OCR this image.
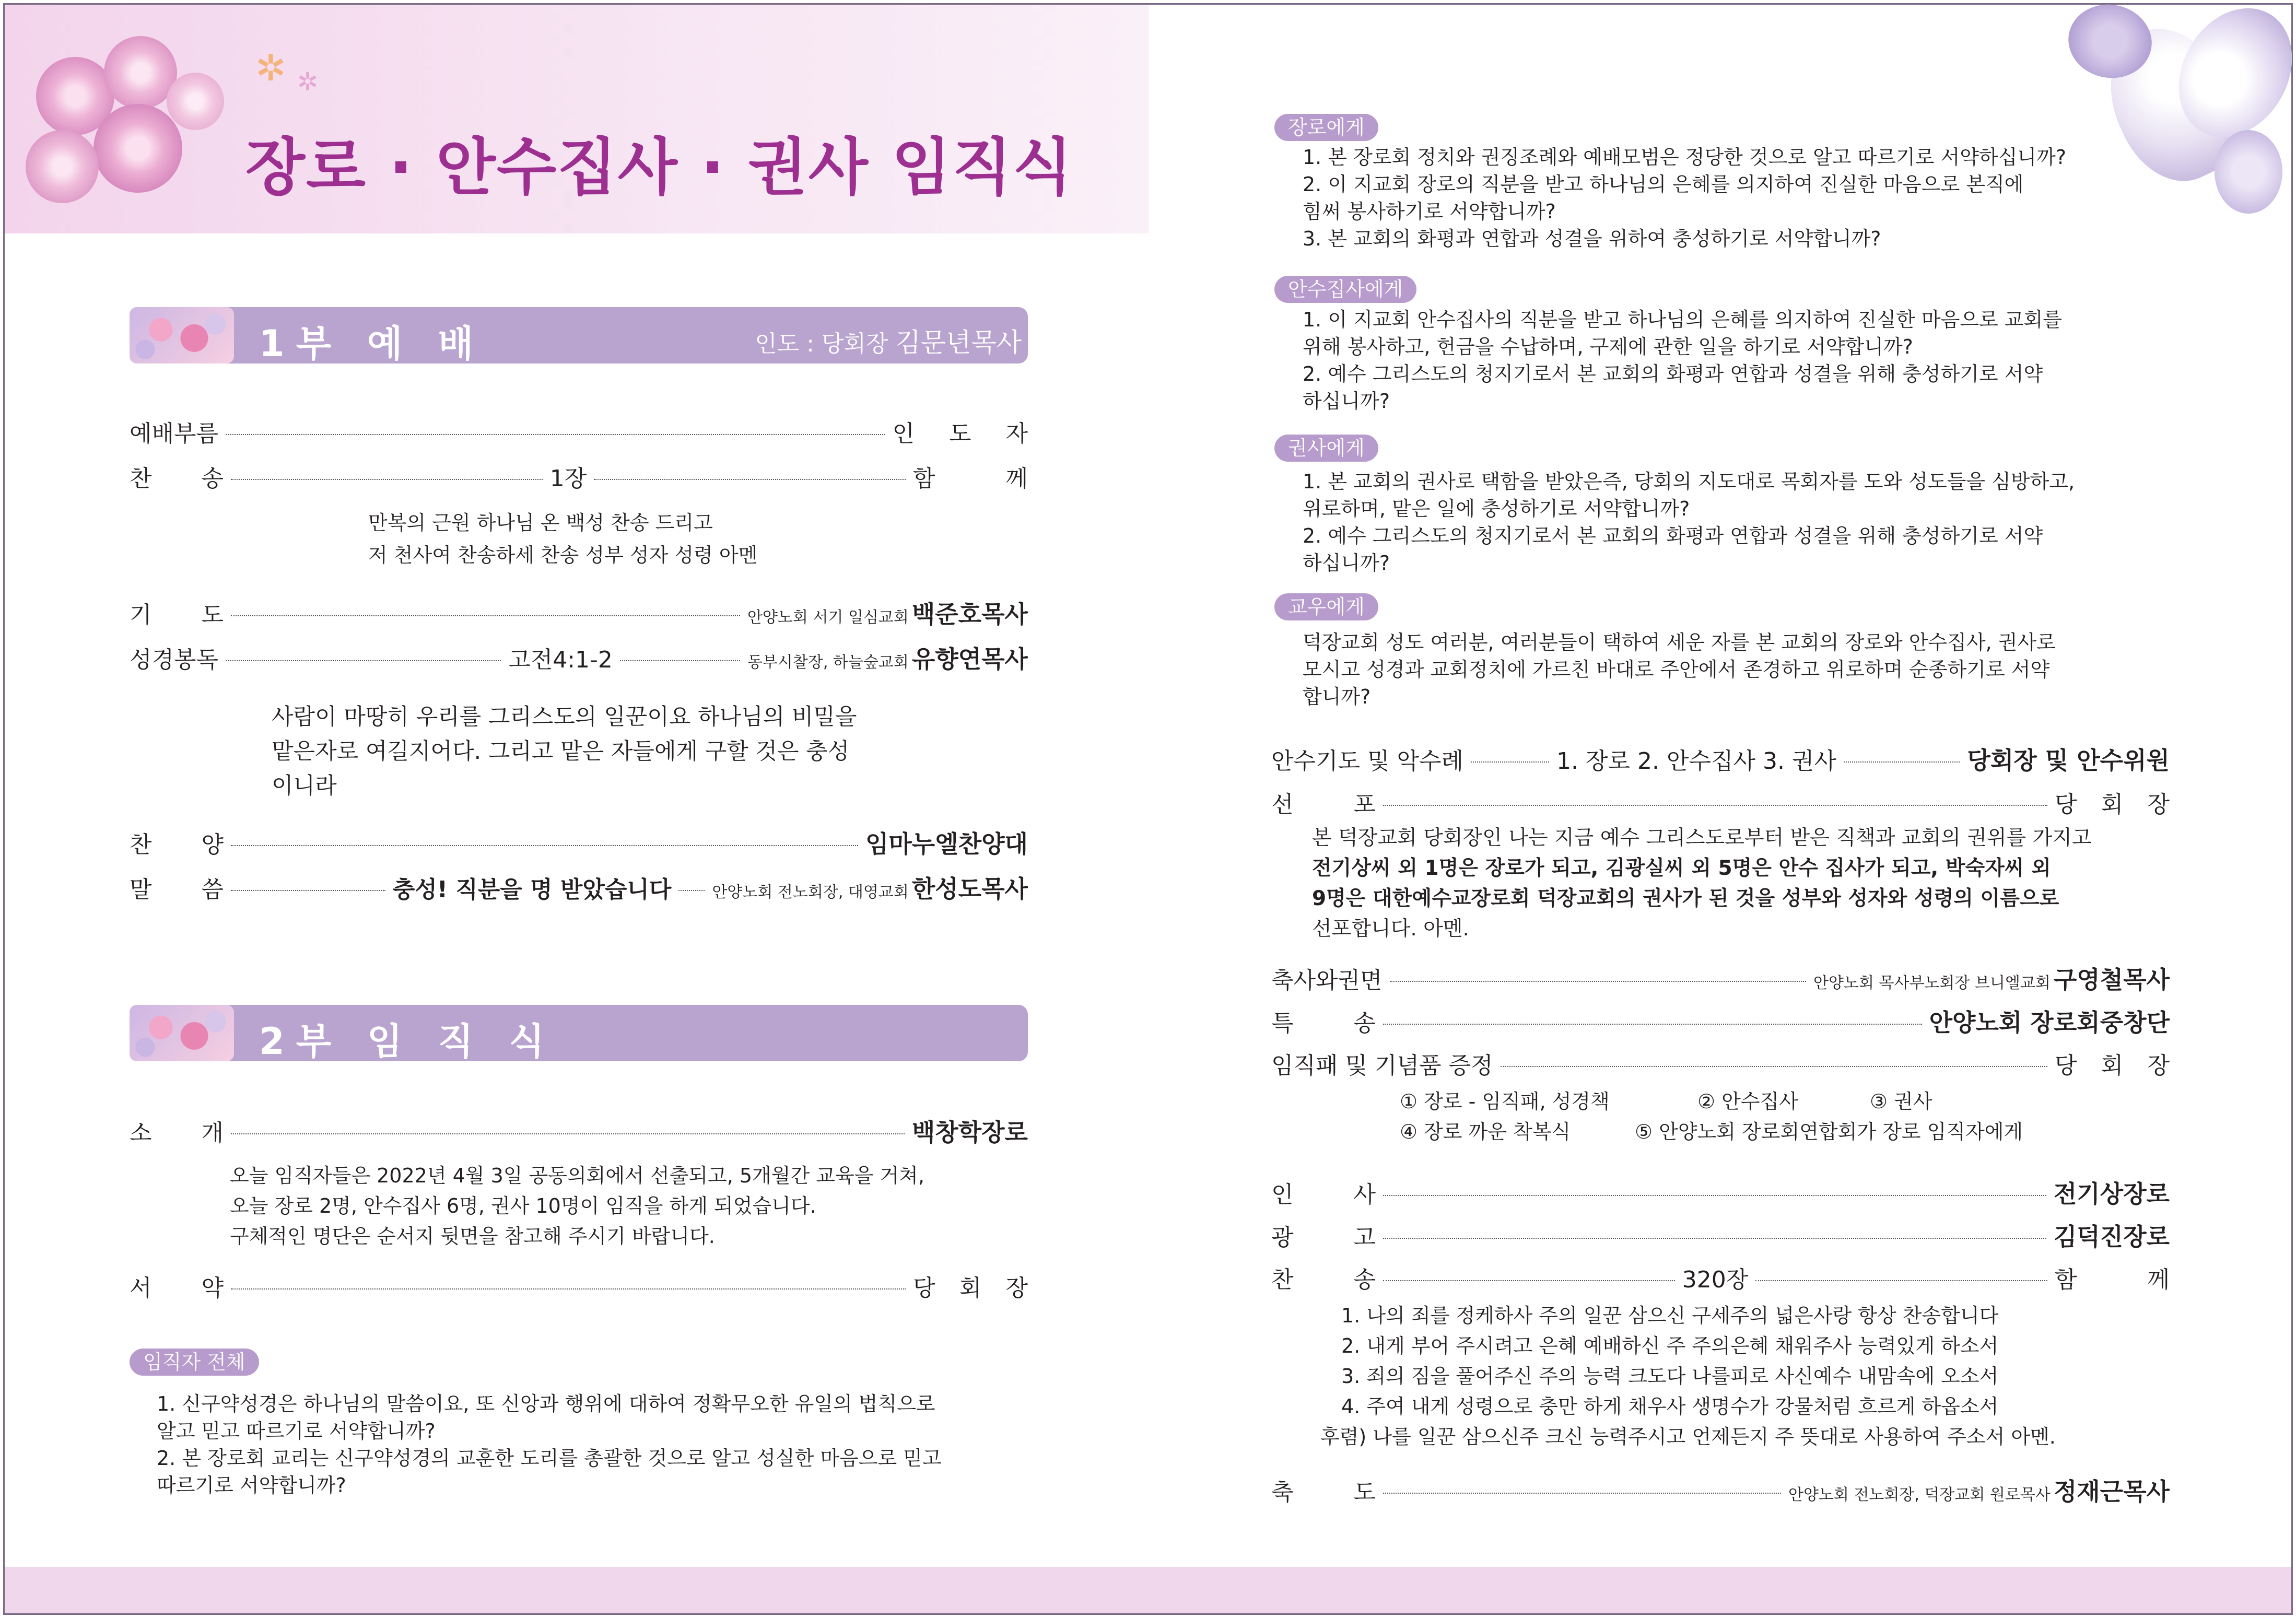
✲ ✲
장로 · 안수집사 · 권사 임직식
1부 예 배	인도 : 당회장 김문년목사
예배부름	인 도 자
찬 송	1장	함 께

만복의 근원 하나님 온 백성 찬송 드리고

저 천사여 찬송하세 찬송 성부 성자 성령 아멘

기 도	안양노회 서기 일심교회 백준호목사
성경봉독	고전4:1-2	동부시찰장, 하늘숲교회 유향연목사

사람이 마땅히 우리를 그리스도의 일꾼이요 하나님의 비밀을

맡은자로 여길지어다. 그리고 맡은 자들에게 구할 것은 충성

이니라

찬 양	임마누엘찬양대
말 씀	충성! 직분을 명 받았습니다	안양노회 전노회장, 대영교회 한성도목사
2부 임 직 식
소 개	백창학장로

오늘 임직자들은 2022년 4월 3일 공동의회에서 선출되고, 5개월간 교육을 거쳐,

오늘 장로 2명, 안수집사 6명, 권사 10명이 임직을 하게 되었습니다.

구체적인 명단은 순서지 뒷면을 참고해 주시기 바랍니다.

서 약	당 회 장
임직자 전체

1. 신구약성경은 하나님의 말씀이요, 또 신앙과 행위에 대하여 정확무오한 유일의 법칙으로

알고 믿고 따르기로 서약합니까?

2. 본 장로회 교리는 신구약성경의 교훈한 도리를 총괄한 것으로 알고 성실한 마음으로 믿고

따르기로 서약합니까?

장로에게

1. 본 장로회 정치와 권징조례와 예배모범은 정당한 것으로 알고 따르기로 서약하십니까?

2. 이 지교회 장로의 직분을 받고 하나님의 은혜를 의지하여 진실한 마음으로 본직에

힘써 봉사하기로 서약합니까?

3. 본 교회의 화평과 연합과 성결을 위하여 충성하기로 서약합니까?

안수집사에게

1. 이 지교회 안수집사의 직분을 받고 하나님의 은혜를 의지하여 진실한 마음으로 교회를

위해 봉사하고, 헌금을 수납하며, 구제에 관한 일을 하기로 서약합니까?

2. 예수 그리스도의 청지기로서 본 교회의 화평과 연합과 성결을 위해 충성하기로 서약

하십니까?

권사에게

1. 본 교회의 권사로 택함을 받았은즉, 당회의 지도대로 목회자를 도와 성도들을 심방하고,

위로하며, 맡은 일에 충성하기로 서약합니까?

2. 예수 그리스도의 청지기로서 본 교회의 화평과 연합과 성결을 위해 충성하기로 서약

하십니까?

교우에게

덕장교회 성도 여러분, 여러분들이 택하여 세운 자를 본 교회의 장로와 안수집사, 권사로

모시고 성경과 교회정치에 가르친 바대로 주안에서 존경하고 위로하며 순종하기로 서약

합니까?

안수기도 및 악수례	1. 장로 2. 안수집사 3. 권사	당회장 및 안수위원
선 포	당 회 장

본 덕장교회 당회장인 나는 지금 예수 그리스도로부터 받은 직책과 교회의 권위를 가지고

전기상씨 외 1명은 장로가 되고, 김광실씨 외 5명은 안수 집사가 되고, 박숙자씨 외

9명은 대한예수교장로회 덕장교회의 권사가 된 것을 성부와 성자와 성령의 이름으로

선포합니다. 아멘.

축사와권면	안양노회 목사부노회장 브니엘교회 구영철목사
특 송	안양노회 장로회중창단
임직패 및 기념품 증정	당 회 장
① 장로 - 임직패, 성경책	② 안수집사	③ 권사
④ 장로 까운 착복식	⑤ 안양노회 장로회연합회가 장로 임직자에게
인 사	전기상장로
광 고	김덕진장로
찬 송	320장	함 께

1. 나의 죄를 정케하사 주의 일꾼 삼으신 구세주의 넓은사랑 항상 찬송합니다

2. 내게 부어 주시려고 은혜 예배하신 주 주의은혜 채워주사 능력있게 하소서

3. 죄의 짐을 풀어주신 주의 능력 크도다 나를피로 사신예수 내맘속에 오소서

4. 주여 내게 성령으로 충만 하게 채우사 생명수가 강물처럼 흐르게 하옵소서

후렴) 나를 일꾼 삼으신주 크신 능력주시고 언제든지 주 뜻대로 사용하여 주소서 아멘.

축 도	안양노회 전노회장, 덕장교회 원로목사 정재근목사
